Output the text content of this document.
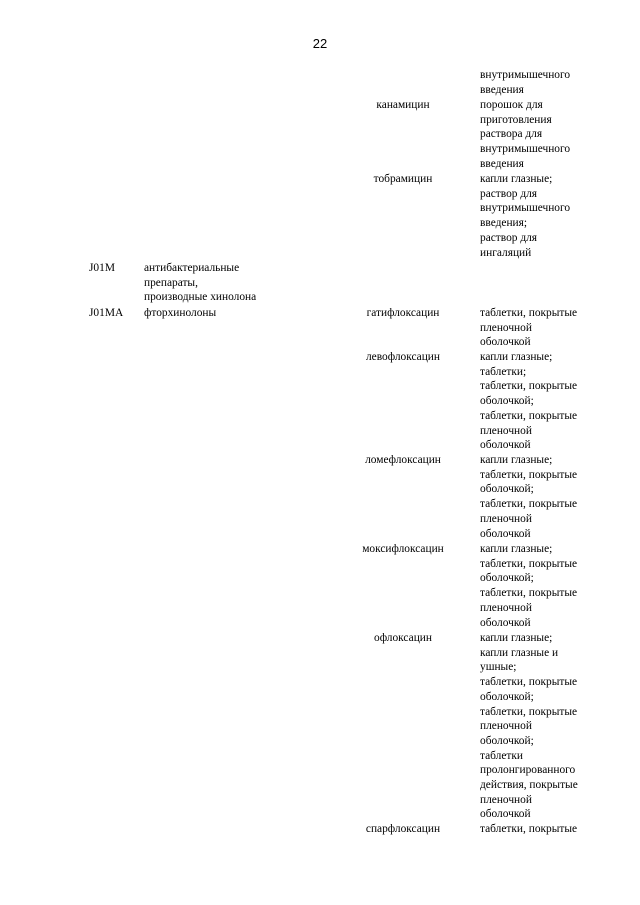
22
внутримышечного
введения
канамицин	порошок для
приготовления
раствора для
внутримышечного
введения
тобрамицин	капли глазные;
раствор для
внутримышечного
введения;
раствор для
ингаляций
J01M	антибактериальные
препараты,
производные хинолона
J01MA фторхинолоны	гатифлоксацин	таблетки, покрытые
пленочной
оболочкой
левофлоксацин	капли глазные;
таблетки;
таблетки, покрытые
оболочкой;
таблетки, покрытые
пленочной
оболочкой
ломефлоксацин	капли глазные;
таблетки, покрытые
оболочкой;
таблетки, покрытые
пленочной
оболочкой
моксифлоксацин	капли глазные;
таблетки, покрытые
оболочкой;
таблетки, покрытые
пленочной
оболочкой
офлоксацин	капли глазные;
капли глазные и
ушные;
таблетки, покрытые
оболочкой;
таблетки, покрытые
пленочной
оболочкой;
таблетки
пролонгированного
действия, покрытые
пленочной
оболочкой
спарфлоксацин	таблетки, покрытые
